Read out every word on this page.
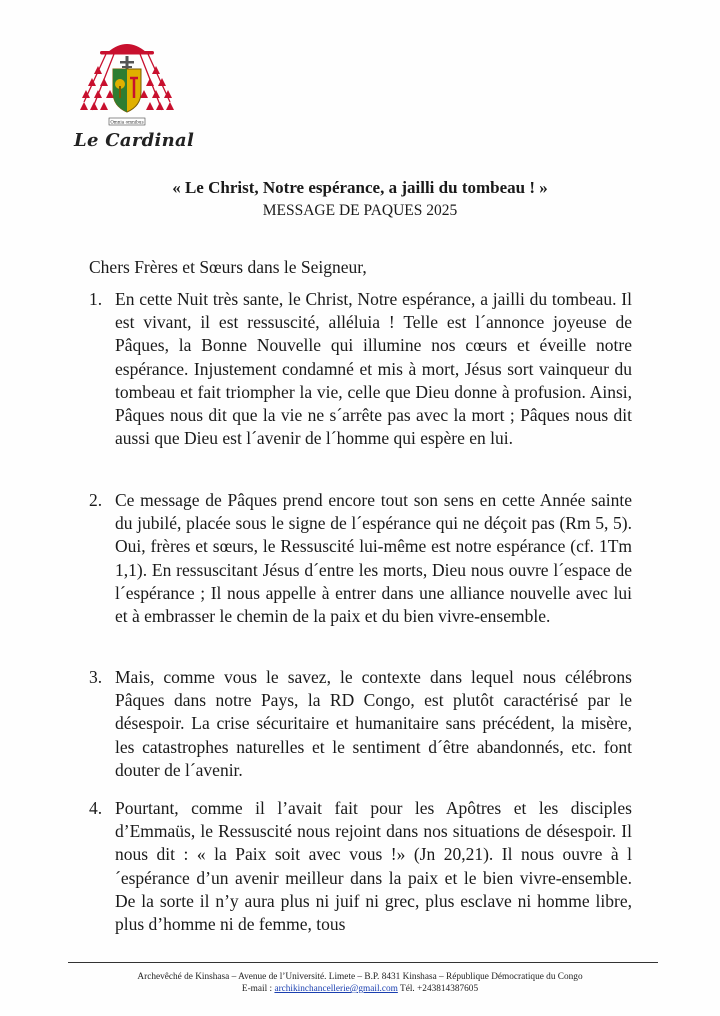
Omnia omnibus
Le Cardinal
« Le Christ, Notre espérance, a jailli du tombeau ! »
MESSAGE DE PAQUES 2025
Chers Frères et Sœurs dans le Seigneur,
1. En cette Nuit très sante, le Christ, Notre espérance, a jailli du tombeau. Il est vivant, il est ressuscité, alléluia ! Telle est l´annonce joyeuse de Pâques, la Bonne Nouvelle qui illumine nos cœurs et éveille notre espérance. Injustement condamné et mis à mort, Jésus sort vainqueur du tombeau et fait triompher la vie, celle que Dieu donne à profusion. Ainsi, Pâques nous dit que la vie ne s´arrête pas avec la mort ; Pâques nous dit aussi que Dieu est l´avenir de l´homme qui espère en lui.
2. Ce message de Pâques prend encore tout son sens en cette Année sainte du jubilé, placée sous le signe de l´espérance qui ne déçoit pas (Rm 5, 5). Oui, frères et sœurs, le Ressuscité lui-même est notre espérance (cf. 1Tm 1,1). En ressuscitant Jésus d´entre les morts, Dieu nous ouvre l´espace de l´espérance ; Il nous appelle à entrer dans une alliance nouvelle avec lui et à embrasser le chemin de la paix et du bien vivre-ensemble.
3. Mais, comme vous le savez, le contexte dans lequel nous célébrons Pâques dans notre Pays, la RD Congo, est plutôt caractérisé par le désespoir. La crise sécuritaire et humanitaire sans précédent, la misère, les catastrophes naturelles et le sentiment d´être abandonnés, etc. font douter de l´avenir.
4. Pourtant, comme il l’avait fait pour les Apôtres et les disciples d’Emmaüs, le Ressuscité nous rejoint dans nos situations de désespoir. Il nous dit : « la Paix soit avec vous !» (Jn 20,21). Il nous ouvre à l´espérance d’un avenir meilleur dans la paix et le bien vivre-ensemble. De la sorte il n’y aura plus ni juif ni grec, plus esclave ni homme libre, plus d’homme ni de femme, tous
Archevêché de Kinshasa – Avenue de l’Université. Limete – B.P. 8431 Kinshasa – République Démocratique du Congo
E-mail : archikinchancellerie@gmail.com Tél. +243814387605
